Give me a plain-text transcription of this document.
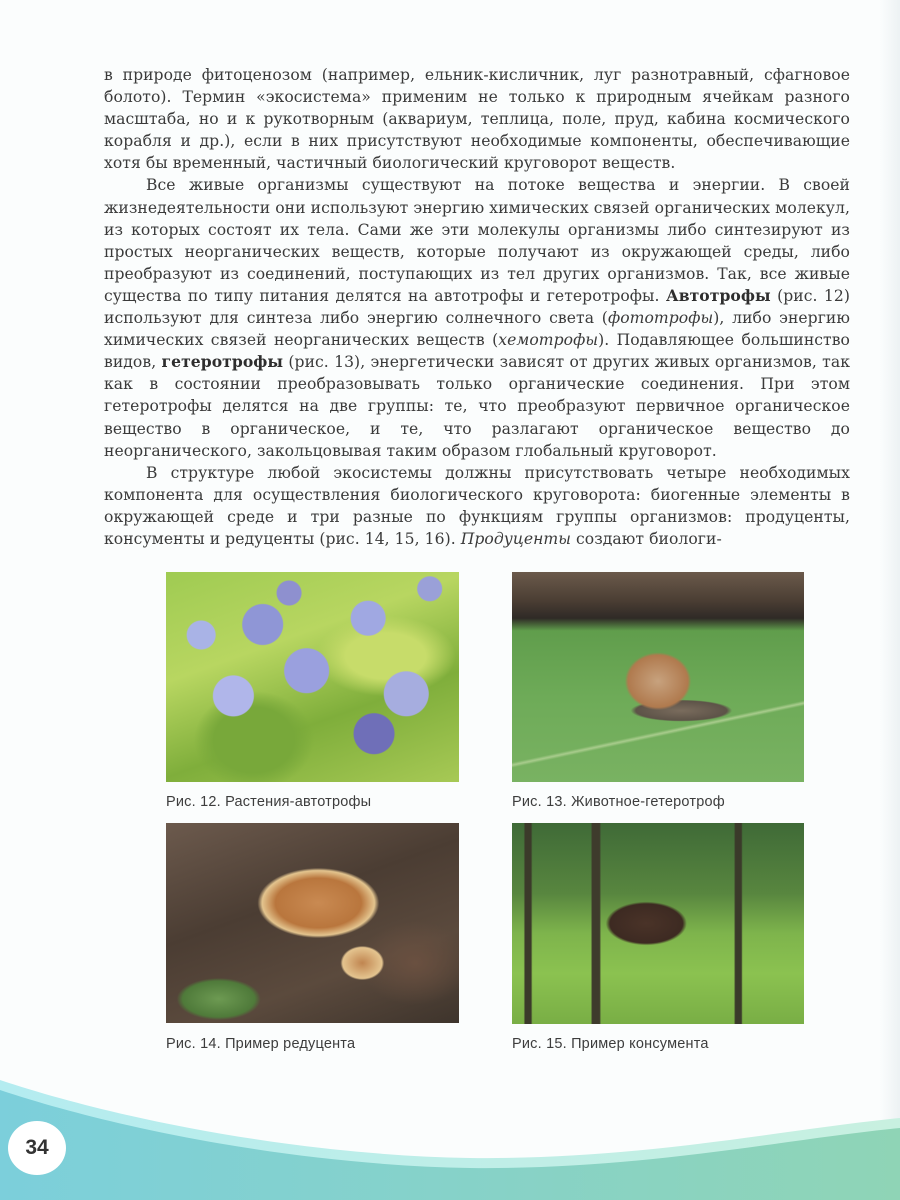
в природе фитоценозом (например, ельник-кисличник, луг разнотравный, сфагновое болото). Термин «экосистема» применим не только к природным ячейкам разного масштаба, но и к рукотворным (аквариум, теплица, поле, пруд, кабина космического корабля и др.), если в них присутствуют необходимые компоненты, обеспечивающие хотя бы временный, частичный биологический круговорот веществ.

Все живые организмы существуют на потоке вещества и энергии. В своей жизнедеятельности они используют энергию химических связей органических молекул, из которых состоят их тела. Сами же эти молекулы организмы либо синтезируют из простых неорганических веществ, которые получают из окружающей среды, либо преобразуют из соединений, поступающих из тел других организмов. Так, все живые существа по типу питания делятся на автотрофы и гетеротрофы. Автотрофы (рис. 12) используют для синтеза либо энергию солнечного света (фототрофы), либо энергию химических связей неорганических веществ (хемотрофы). Подавляющее большинство видов, гетеротрофы (рис. 13), энергетически зависят от других живых организмов, так как в состоянии преобразовывать только органические соединения. При этом гетеротрофы делятся на две группы: те, что преобразуют первичное органическое вещество в органическое, и те, что разлагают органическое вещество до неорганического, закольцовывая таким образом глобальный круговорот.

В структуре любой экосистемы должны присутствовать четыре необходимых компонента для осуществления биологического круговорота: биогенные элементы в окружающей среде и три разные по функциям группы организмов: продуценты, консументы и редуценты (рис. 14, 15, 16). Продуценты создают биологи-

Рис. 12. Растения-автотрофы	Рис. 13. Животное-гетеротроф
Рис. 14. Пример редуцента	Рис. 15. Пример консумента
34
